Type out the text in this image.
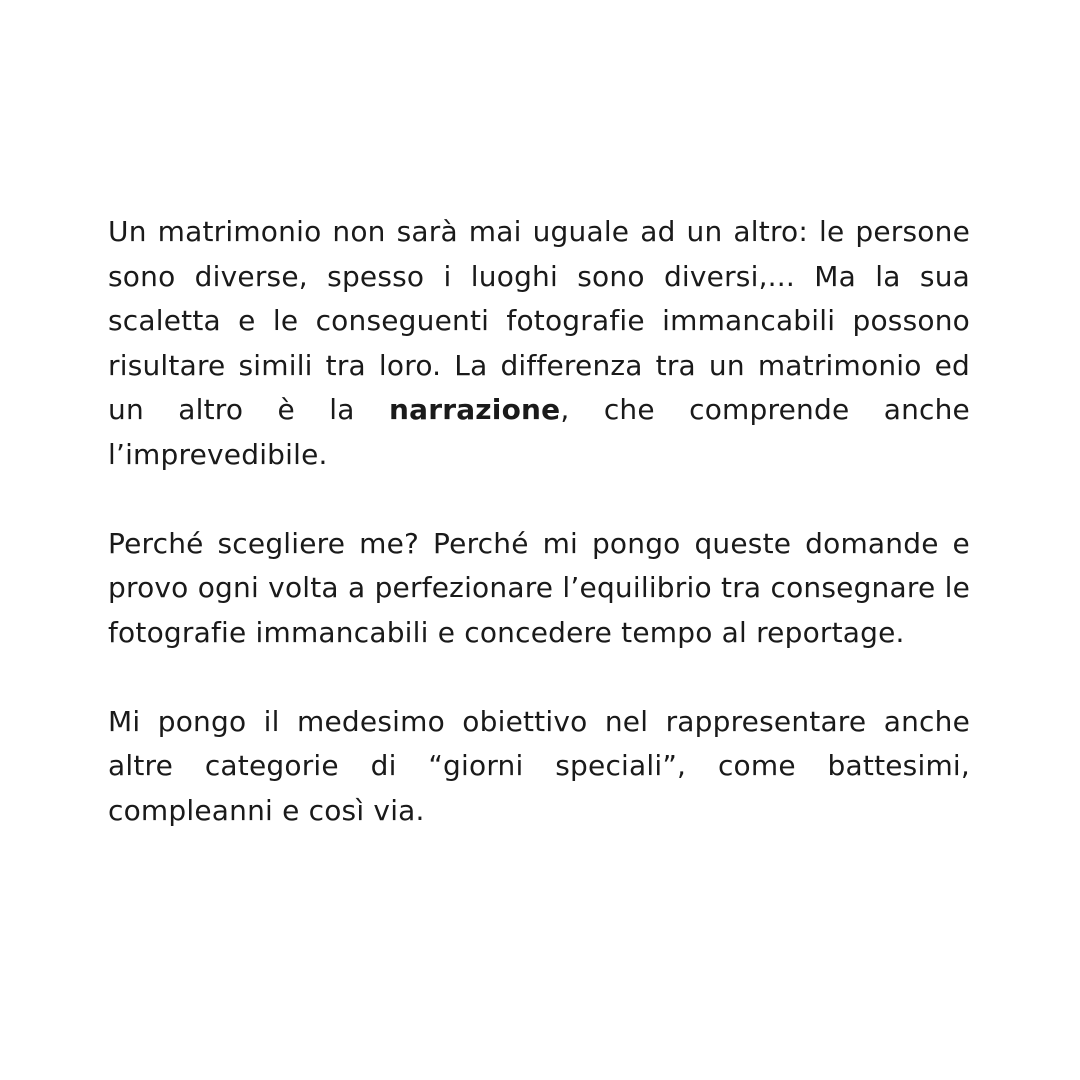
Un matrimonio non sarà mai uguale ad un altro: le persone sono diverse, spesso i luoghi sono diversi,... Ma la sua scaletta e le conseguenti fotografie immancabili possono risultare simili tra loro. La differenza tra un matrimonio ed un altro è la narrazione, che comprende anche l’imprevedibile.

Perché scegliere me? Perché mi pongo queste domande e provo ogni volta a perfezionare l’equilibrio tra consegnare le fotografie immancabili e concedere tempo al reportage.

Mi pongo il medesimo obiettivo nel rappresentare anche altre categorie di “giorni speciali”, come battesimi, compleanni e così via.
